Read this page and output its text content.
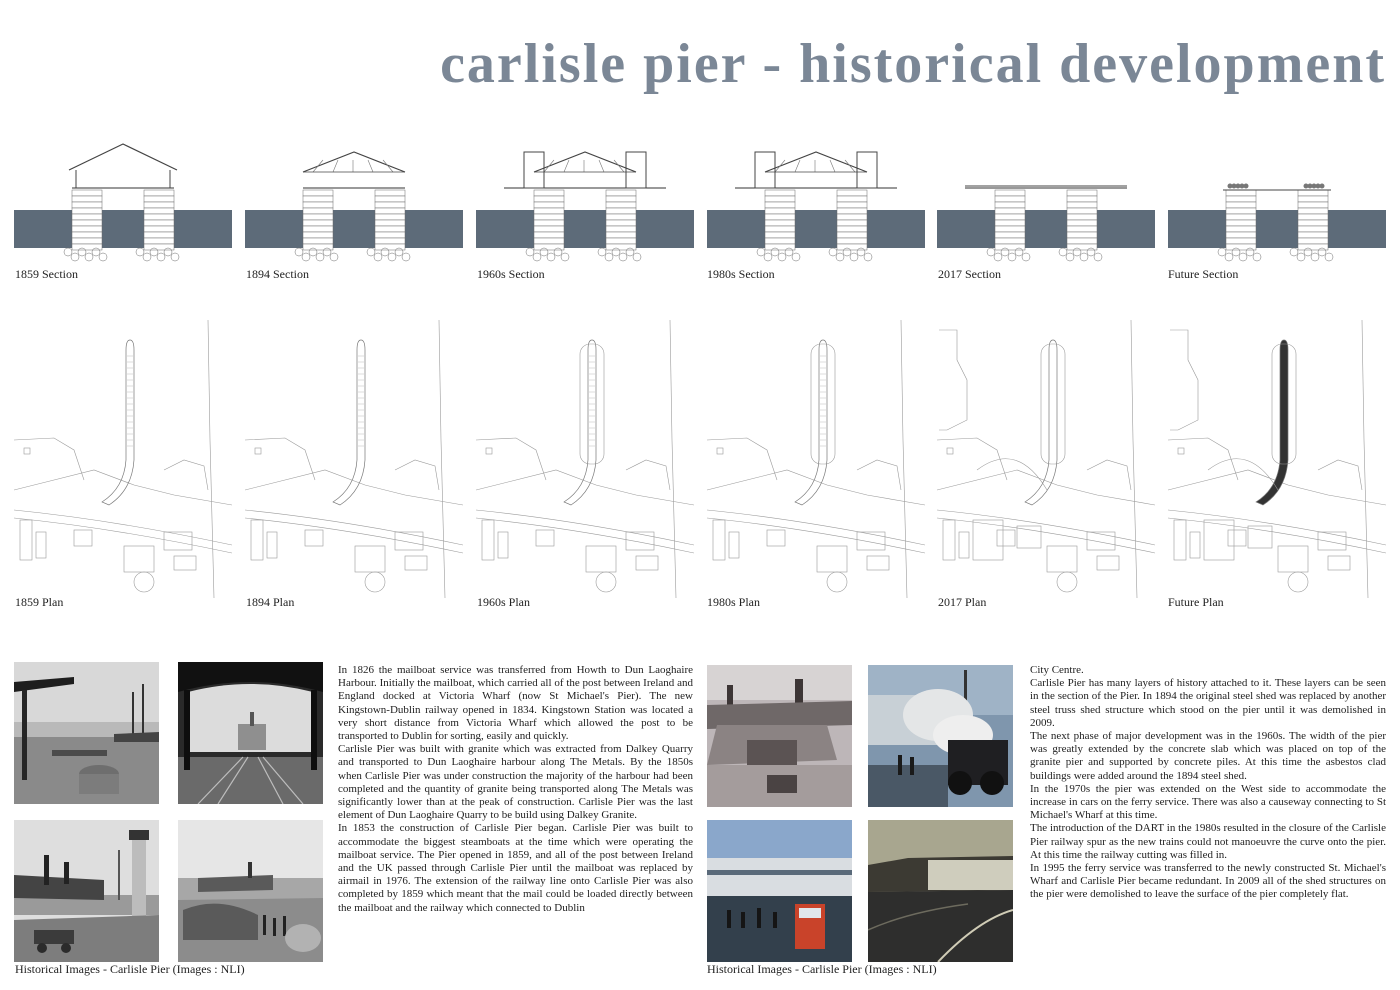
carlisle pier - historical development
1859 Section	1894 Section	1960s Section	1980s Section	2017 Section	Future Section
1859 Plan	1894 Plan	1960s Plan	1980s Plan	2017 Plan	Future Plan
Historical Images - Carlisle Pier (Images : NLI)

In 1826 the mailboat service was transferred from Howth to Dun Laoghaire Harbour. Initially the mailboat, which carried all of the post between Ireland and England docked at Victoria Wharf (now St Michael's Pier). The new Kingstown-Dublin railway opened in 1834. Kingstown Station was located a very short distance from Victoria Wharf which allowed the post to be transported to Dublin for sorting, easily and quickly.

Carlisle Pier was built with granite which was extracted from Dalkey Quarry and transported to Dun Laoghaire harbour along The Metals. By the 1850s when Carlisle Pier was under construction the majority of the harbour had been completed and the quantity of granite being transported along The Metals was significantly lower than at the peak of construction. Carlisle Pier was the last element of Dun Laoghaire Quarry to be build using Dalkey Granite.

In 1853 the construction of Carlisle Pier began. Carlisle Pier was built to accommodate the biggest steamboats at the time which were operating the mailboat service. The Pier opened in 1859, and all of the post between Ireland and the UK passed through Carlisle Pier until the mailboat was replaced by airmail in 1976. The extension of the railway line onto Carlisle Pier was also completed by 1859 which meant that the mail could be loaded directly between the mailboat and the railway which connected to Dublin

Historical Images - Carlisle Pier (Images : NLI)

City Centre.

Carlisle Pier has many layers of history attached to it. These layers can be seen in the section of the Pier. In 1894 the original steel shed was replaced by another steel truss shed structure which stood on the pier until it was demolished in 2009.

The next phase of major development was in the 1960s. The width of the pier was greatly extended by the concrete slab which was placed on top of the granite pier and supported by concrete piles. At this time the asbestos clad buildings were added around the 1894 steel shed.

In the 1970s the pier was extended on the West side to accommodate the increase in cars on the ferry service. There was also a causeway connecting to St Michael's Wharf at this time.

The introduction of the DART in the 1980s resulted in the closure of the Carlisle Pier railway spur as the new trains could not manoeuvre the curve onto the pier. At this time the railway cutting was filled in.

In 1995 the ferry service was transferred to the newly constructed St. Michael's Wharf and Carlisle Pier became redundant. In 2009 all of the shed structures on the pier were demolished to leave the surface of the pier completely flat.
